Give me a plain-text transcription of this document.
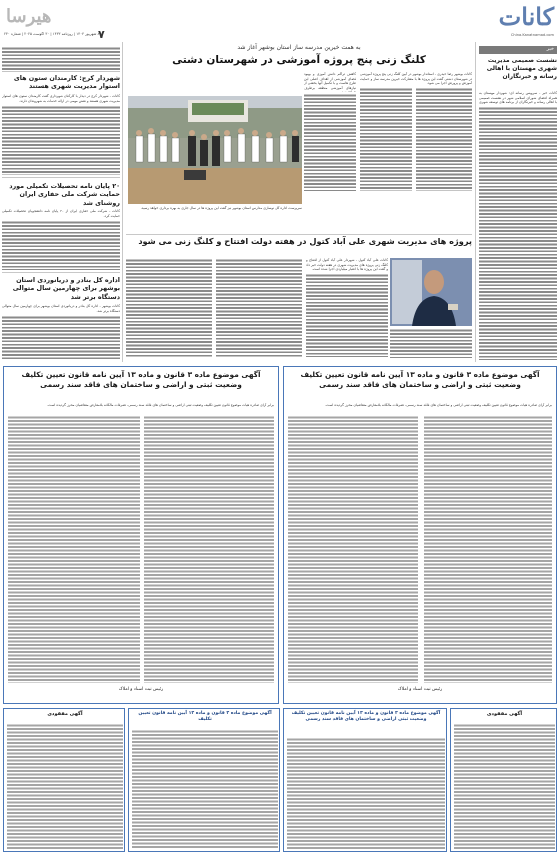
هیرسا
۷
۸ شهریور ۱۴۰۴ | روزنامه ۱۴۳۳ | ۳۰ آگوست ۲۰۲۵ | شماره ۲۳۰
کانات
China.Kanatnamad.com
خبر
نشست صمیمی مدیریت شهری مهستان با اهالی رسانه و خبرنگاران
کانات خبر - سرویس رسانه ای: شهردار مهستان به همراه اعضای شورای اسلامی شهر در نشست صمیمی با اهالی رسانه و خبرنگاران از برنامه های توسعه شهری
به همت خیرین مدرسه ساز استان بوشهر آغاز شد
کلنگ زنی پنج پروژه آموزشی در شهرستان دشتی
کانات بوشهر رضا حیدری - استاندار بوشهر در آیین کلنگ زنی پنج پروژه آموزشی در شهرستان دشتی گفت این پروژه ها با مشارکت خیرین مدرسه ساز و حمایت آموزش و پرورش اجرا می شود.
کاهش تراکم دانش آموزی و بهبود فضای آموزشی از اهداف اصلی این طرح هاست و با تکمیل آنها بخشی از نیازهای آموزشی منطقه برطرف
سرپرست اداره کل نوسازی مدارس استان بوشهر نیز گفت این پروژه ها در سال جاری به بهره برداری خواهد رسید.
شهردار کرج: کارمندان ستون های استوار مدیریت شهری هستند
کانات - شهردار کرج در دیدار با کارکنان شهرداری گفت کارمندان ستون های استوار مدیریت شهری هستند و نقش مهمی در ارائه خدمات به شهروندان دارند.
۲۰ پایان نامه تحصیلات تکمیلی مورد حمایت شرکت ملی حفاری ایران روشنای شد
کانات - شرکت ملی حفاری ایران از ۲۰ پایان نامه دانشجویان تحصیلات تکمیلی حمایت کرد.
اداره کل بنادر و دریانوردی استان بوشهر برای چهارمین سال متوالی دستگاه برتر شد
کانات بوشهر - اداره کل بنادر و دریانوردی استان بوشهر برای چهارمین سال متوالی دستگاه برتر شد.
پروژه های مدیریت شهری علی آباد کتول در هفته دولت افتتاح و کلنگ زنی می شود
کانات علی آباد کتول - شهردار علی آباد کتول از افتتاح و کلنگ زنی پروژه های مدیریت شهری در هفته دولت خبر داد و گفت این پروژه ها با اعتبار میلیاردی اجرا شده است.
آگهی موضوع ماده ۳ قانون و ماده ۱۳ آیین نامه قانون تعیین تکلیف وضعیت ثبتی و اراضی و ساختمان های فاقد سند رسمی
برابر آرای صادره هیات موضوع قانون تعیین تکلیف وضعیت ثبتی اراضی و ساختمان های فاقد سند رسمی، تصرفات مالکانه بلامعارض متقاضیان محرز گردیده است.
رئیس ثبت اسناد و املاک
آگهی موضوع ماده ۳ قانون و ماده ۱۳ آیین نامه قانون تعیین تکلیف وضعیت ثبتی و اراضی و ساختمان های فاقد سند رسمی
برابر آرای صادره هیات موضوع قانون تعیین تکلیف وضعیت ثبتی اراضی و ساختمان های فاقد سند رسمی، تصرفات مالکانه بلامعارض متقاضیان محرز گردیده است.
رئیس ثبت اسناد و املاک
آگهی مفقودی
آگهی موضوع ماده ۳ قانون و ماده ۱۳ آیین نامه قانون تعیین تکلیف وضعیت ثبتی اراضی و ساختمان های فاقد سند رسمی
آگهی موضوع ماده ۳ قانون و ماده ۱۳ آیین نامه قانون تعیین تکلیف
آگهی مفقودی
